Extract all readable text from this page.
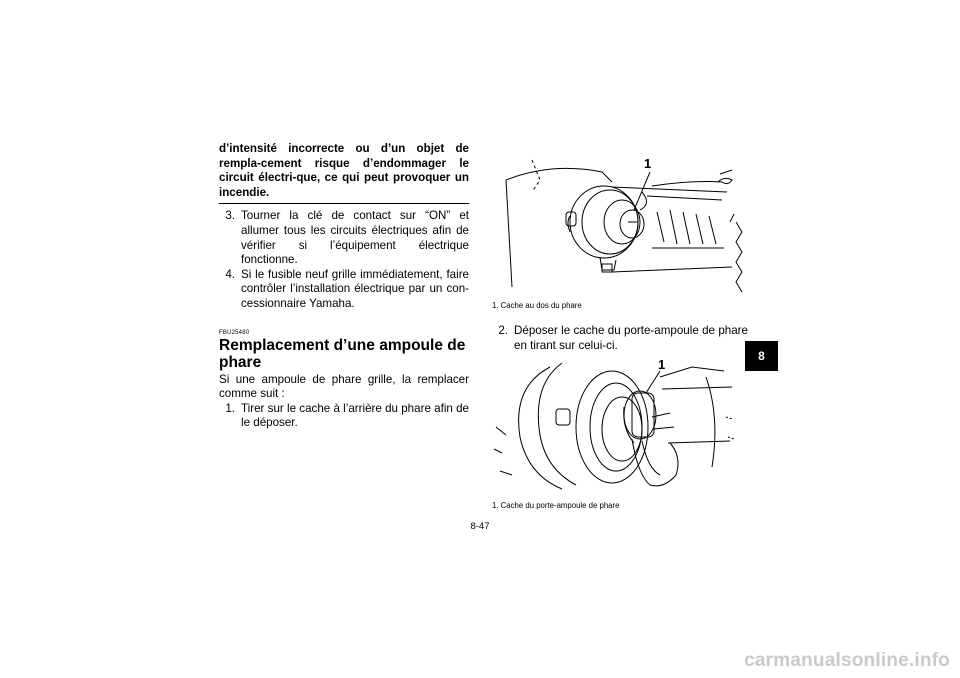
d’intensité incorrecte ou d’un objet de rempla-cement risque d’endommager le circuit électri-que, ce qui peut provoquer un incendie.
3. Tourner la clé de contact sur “ON” et allumer tous les circuits électriques afin de vérifier si l’équipement électrique fonctionne.
4. Si le fusible neuf grille immédiatement, faire contrôler l’installation électrique par un con-cessionnaire Yamaha.
FBU25480
Remplacement d’une ampoule de phare
Si une ampoule de phare grille, la remplacer comme suit :
1. Tirer sur le cache à l’arrière du phare afin de le déposer.
1
1. Cache au dos du phare
2. Déposer le cache du porte-ampoule de phare en tirant sur celui-ci.
1
1. Cache du porte-ampoule de phare
8-47
8
carmanualsonline.info
